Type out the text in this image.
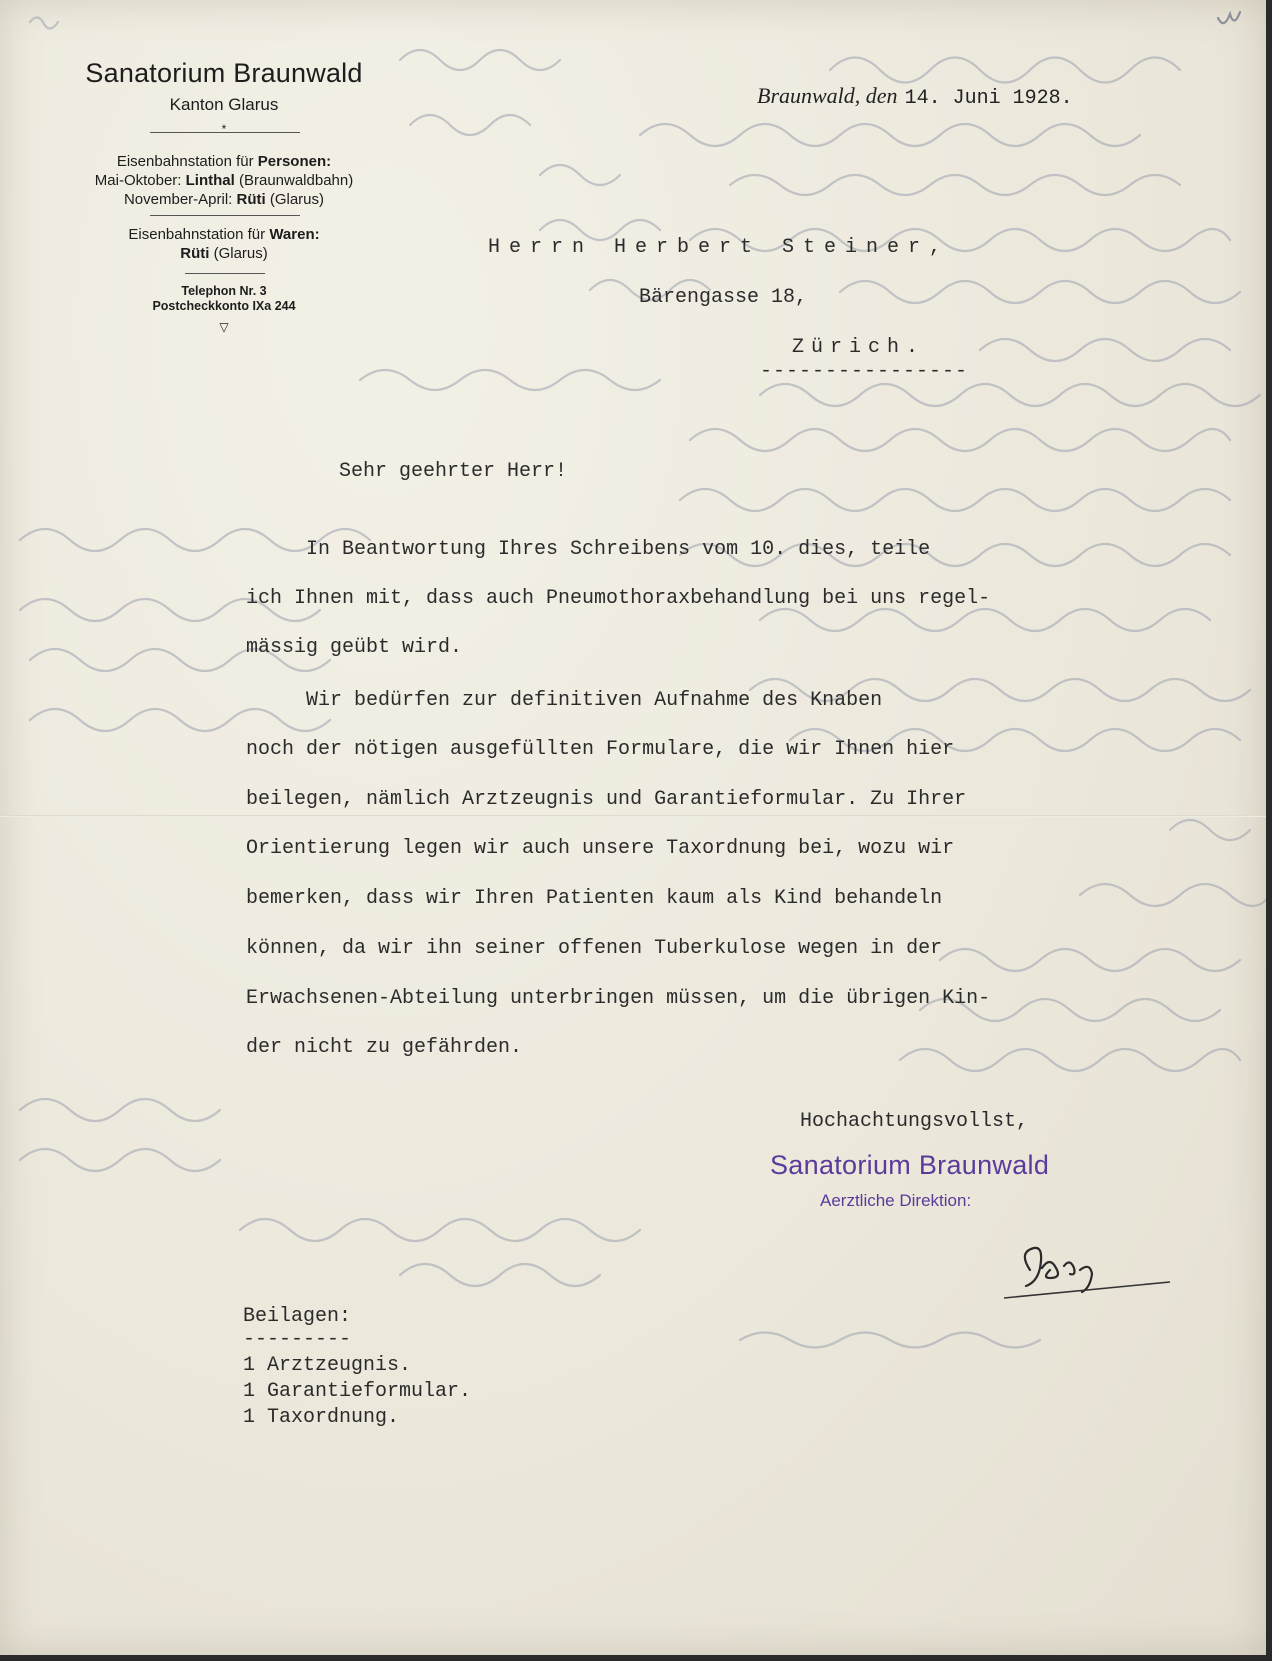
Sanatorium Braunwald
Kanton Glarus
*
Eisenbahnstation für Personen:
Mai-Oktober: Linthal (Braunwaldbahn)
November-April: Rüti (Glarus)
Eisenbahnstation für Waren:
Rüti (Glarus)
Telephon Nr. 3
Postcheckkonto IXa 244
▽
Braunwald, den 14. Juni 1928.
Herrn Herbert Steiner,
Bärengasse 18,
Zürich.
----------------
Sehr geehrter Herr!
In Beantwortung Ihres Schreibens vom 10. dies, teile
ich Ihnen mit, dass auch Pneumothoraxbehandlung bei uns regel-
mässig geübt wird.
Wir bedürfen zur definitiven Aufnahme des Knaben
noch der nötigen ausgefüllten Formulare, die wir Ihnen hier
beilegen, nämlich Arztzeugnis und Garantieformular. Zu Ihrer
Orientierung legen wir auch unsere Taxordnung bei, wozu wir
bemerken, dass wir Ihren Patienten kaum als Kind behandeln
können, da wir ihn seiner offenen Tuberkulose wegen in der
Erwachsenen-Abteilung unterbringen müssen, um die übrigen Kin-
der nicht zu gefährden.
Hochachtungsvollst,
Sanatorium Braunwald
Aerztliche Direktion:
Beilagen:
---------
1 Arztzeugnis.
1 Garantieformular.
1 Taxordnung.
